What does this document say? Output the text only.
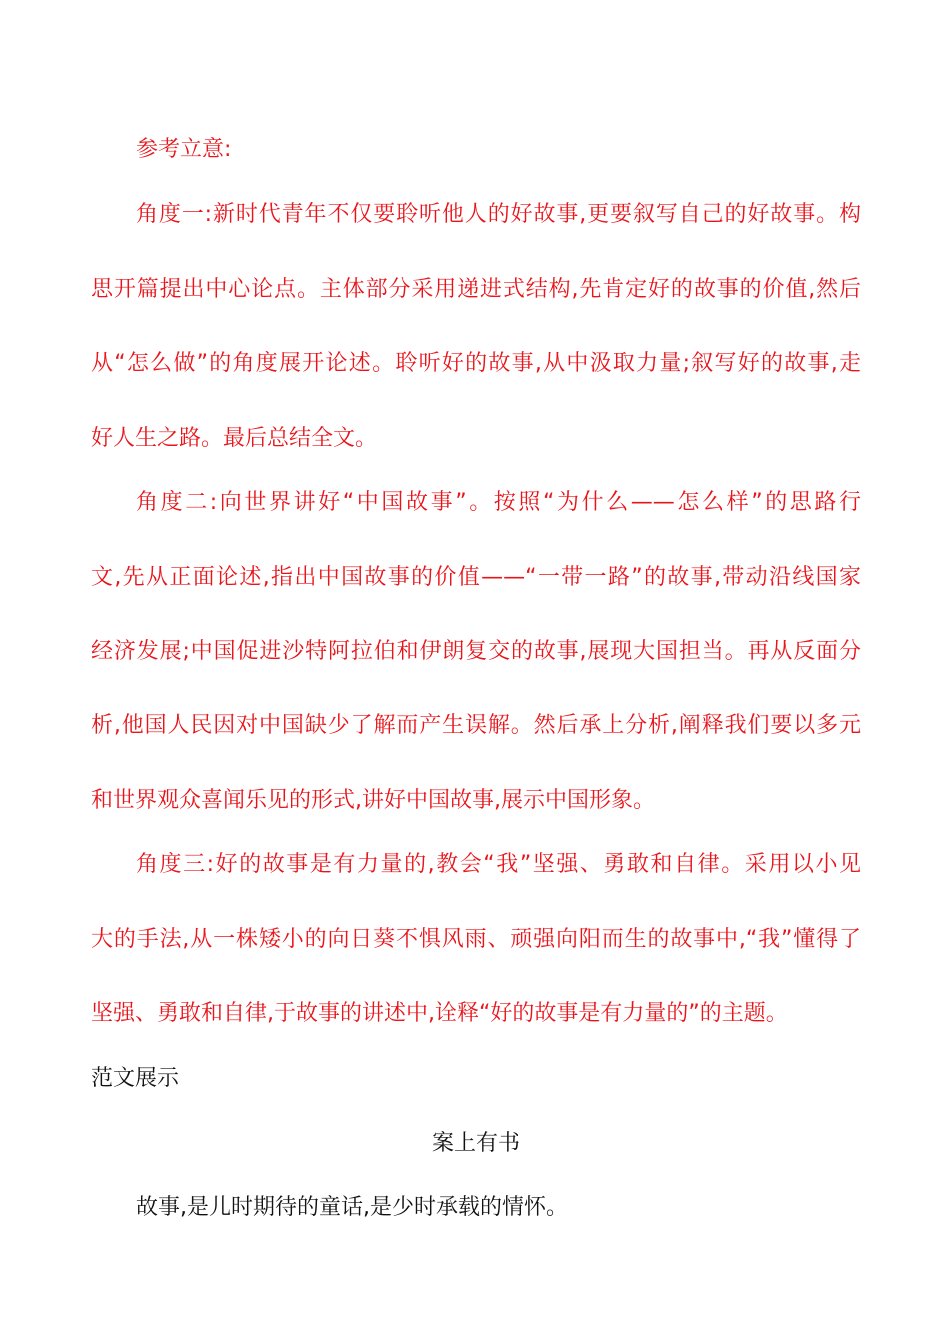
参考立意:

角度一:新时代青年不仅要聆听他人的好故事,更要叙写自己的好故事。构

思开篇提出中心论点。主体部分采用递进式结构,先肯定好的故事的价值,然后

从“怎么做”的角度展开论述。聆听好的故事,从中汲取力量;叙写好的故事,走

好人生之路。最后总结全文。

角度二:向世界讲好“中国故事”。按照“为什么——怎么样”的思路行

文,先从正面论述,指出中国故事的价值——“一带一路”的故事,带动沿线国家

经济发展;中国促进沙特阿拉伯和伊朗复交的故事,展现大国担当。再从反面分

析,他国人民因对中国缺少了解而产生误解。然后承上分析,阐释我们要以多元

和世界观众喜闻乐见的形式,讲好中国故事,展示中国形象。

角度三:好的故事是有力量的,教会“我”坚强、勇敢和自律。采用以小见

大的手法,从一株矮小的向日葵不惧风雨、顽强向阳而生的故事中,“我”懂得了

坚强、勇敢和自律,于故事的讲述中,诠释“好的故事是有力量的”的主题。

范文展示

案上有书

故事,是儿时期待的童话,是少时承载的情怀。
